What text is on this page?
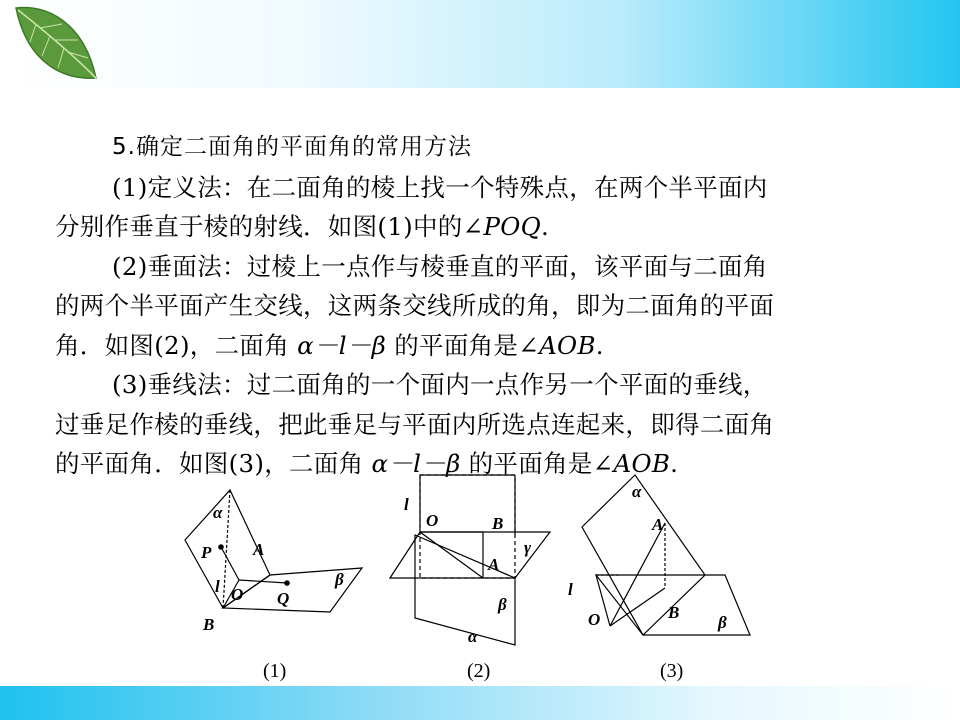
5.确定二面角的平面角的常用方法

(1)定义法：在二面角的棱上找一个特殊点，在两个半平面内

分别作垂直于棱的射线．如图(1)中的∠POQ.

(2)垂面法：过棱上一点作与棱垂直的平面，该平面与二面角

的两个半平面产生交线，这两条交线所成的角，即为二面角的平面

角．如图(2)，二面角 α－l－β 的平面角是∠AOB.

(3)垂线法：过二面角的一个面内一点作另一个平面的垂线，

过垂足作棱的垂线，把此垂足与平面内所选点连起来，即得二面角

的平面角．如图(3)，二面角 α－l－β 的平面角是∠AOB.

α
P A
l O Q
β
B
l
O	B
γ
A
β
α
α
A
l
O	B
β
(1)	(2)	(3)
